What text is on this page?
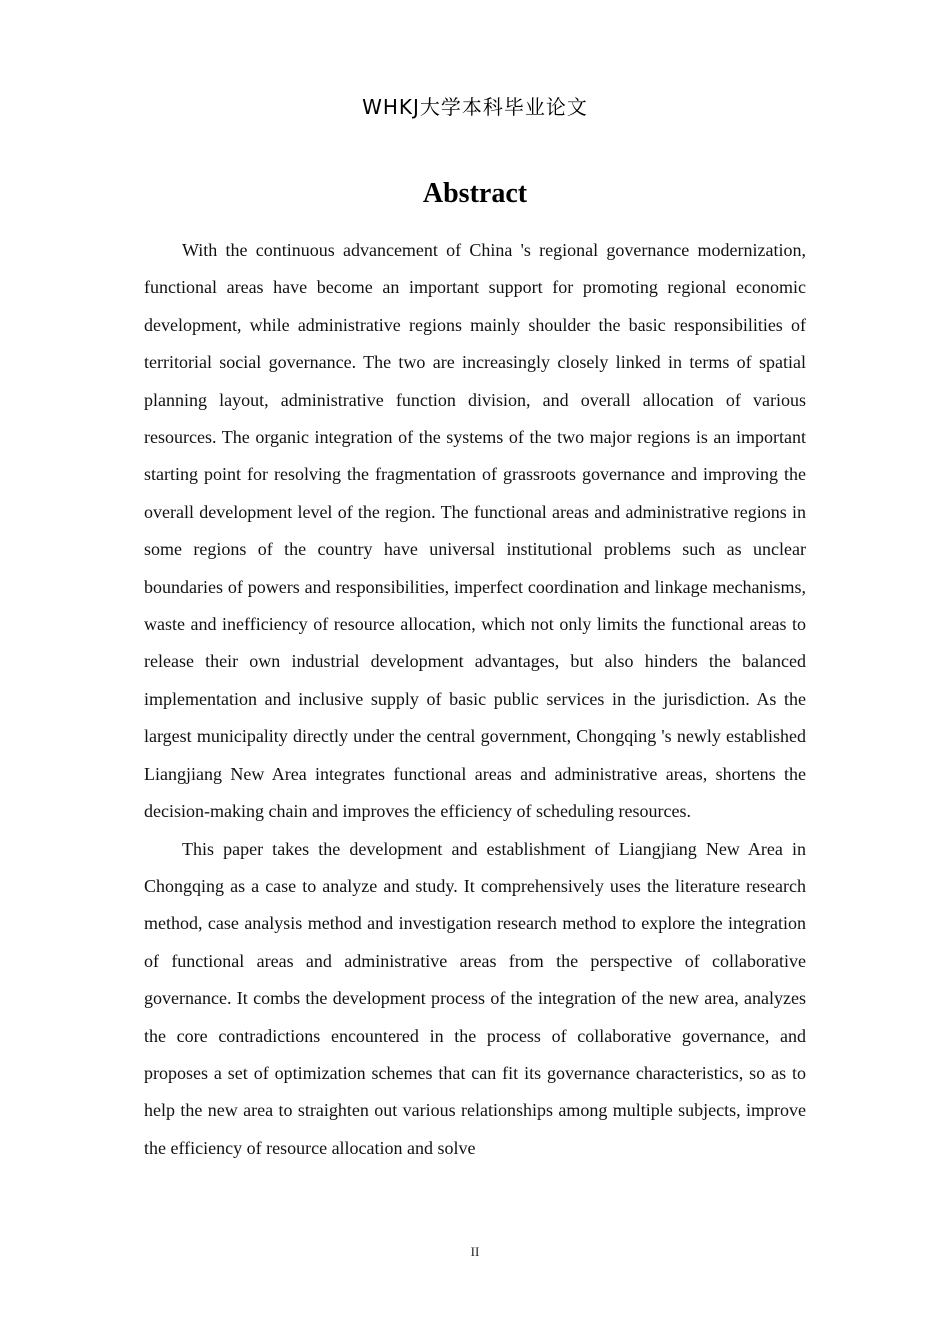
WHKJ大学本科毕业论文
Abstract

With the continuous advancement of China 's regional governance modernization, functional areas have become an important support for promoting regional economic development, while administrative regions mainly shoulder the basic responsibilities of territorial social governance. The two are increasingly closely linked in terms of spatial planning layout, administrative function division, and overall allocation of various resources. The organic integration of the systems of the two major regions is an important starting point for resolving the fragmentation of grassroots governance and improving the overall development level of the region. The functional areas and administrative regions in some regions of the country have universal institutional problems such as unclear boundaries of powers and responsibilities, imperfect coordination and linkage mechanisms, waste and inefficiency of resource allocation, which not only limits the functional areas to release their own industrial development advantages, but also hinders the balanced implementation and inclusive supply of basic public services in the jurisdiction. As the largest municipality directly under the central government, Chongqing 's newly established Liangjiang New Area integrates functional areas and administrative areas, shortens the decision-making chain and improves the efficiency of scheduling resources.

This paper takes the development and establishment of Liangjiang New Area in Chongqing as a case to analyze and study. It comprehensively uses the literature research method, case analysis method and investigation research method to explore the integration of functional areas and administrative areas from the perspective of collaborative governance. It combs the development process of the integration of the new area, analyzes the core contradictions encountered in the process of collaborative governance, and proposes a set of optimization schemes that can fit its governance characteristics, so as to help the new area to straighten out various relationships among multiple subjects, improve the efficiency of resource allocation and solve

II
